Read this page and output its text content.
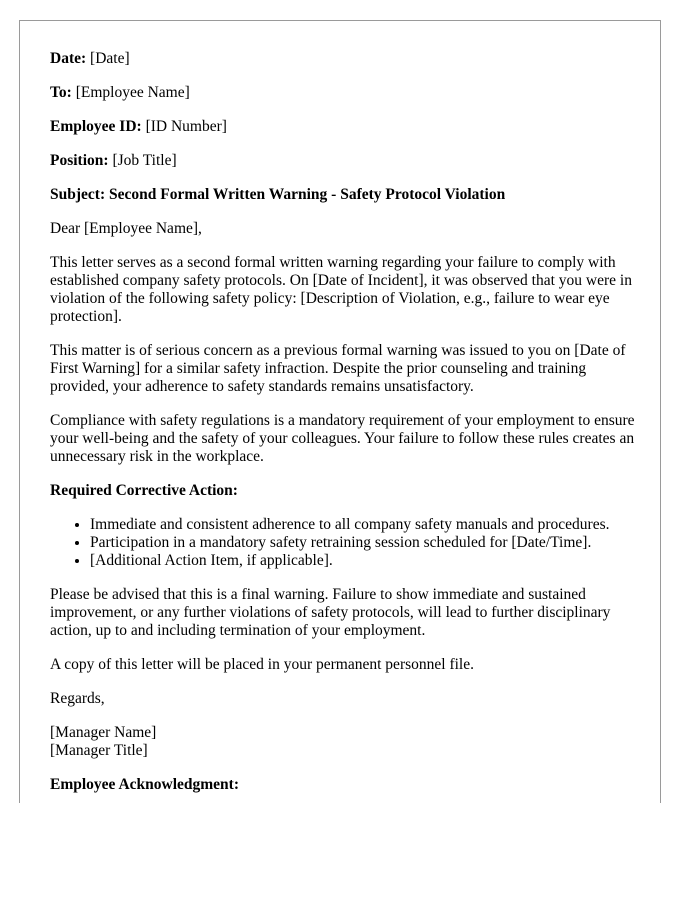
Date: [Date]

To: [Employee Name]

Employee ID: [ID Number]

Position: [Job Title]

Subject: Second Formal Written Warning - Safety Protocol Violation

Dear [Employee Name],

This letter serves as a second formal written warning regarding your failure to comply with established company safety protocols. On [Date of Incident], it was observed that you were in violation of the following safety policy: [Description of Violation, e.g., failure to wear eye protection].

This matter is of serious concern as a previous formal warning was issued to you on [Date of First Warning] for a similar safety infraction. Despite the prior counseling and training provided, your adherence to safety standards remains unsatisfactory.

Compliance with safety regulations is a mandatory requirement of your employment to ensure your well-being and the safety of your colleagues. Your failure to follow these rules creates an unnecessary risk in the workplace.

Required Corrective Action:

• Immediate and consistent adherence to all company safety manuals and procedures.
• Participation in a mandatory safety retraining session scheduled for [Date/Time].
• [Additional Action Item, if applicable].

Please be advised that this is a final warning. Failure to show immediate and sustained improvement, or any further violations of safety protocols, will lead to further disciplinary action, up to and including termination of your employment.

A copy of this letter will be placed in your permanent personnel file.

Regards,

[Manager Name]
[Manager Title]

Employee Acknowledgment:
